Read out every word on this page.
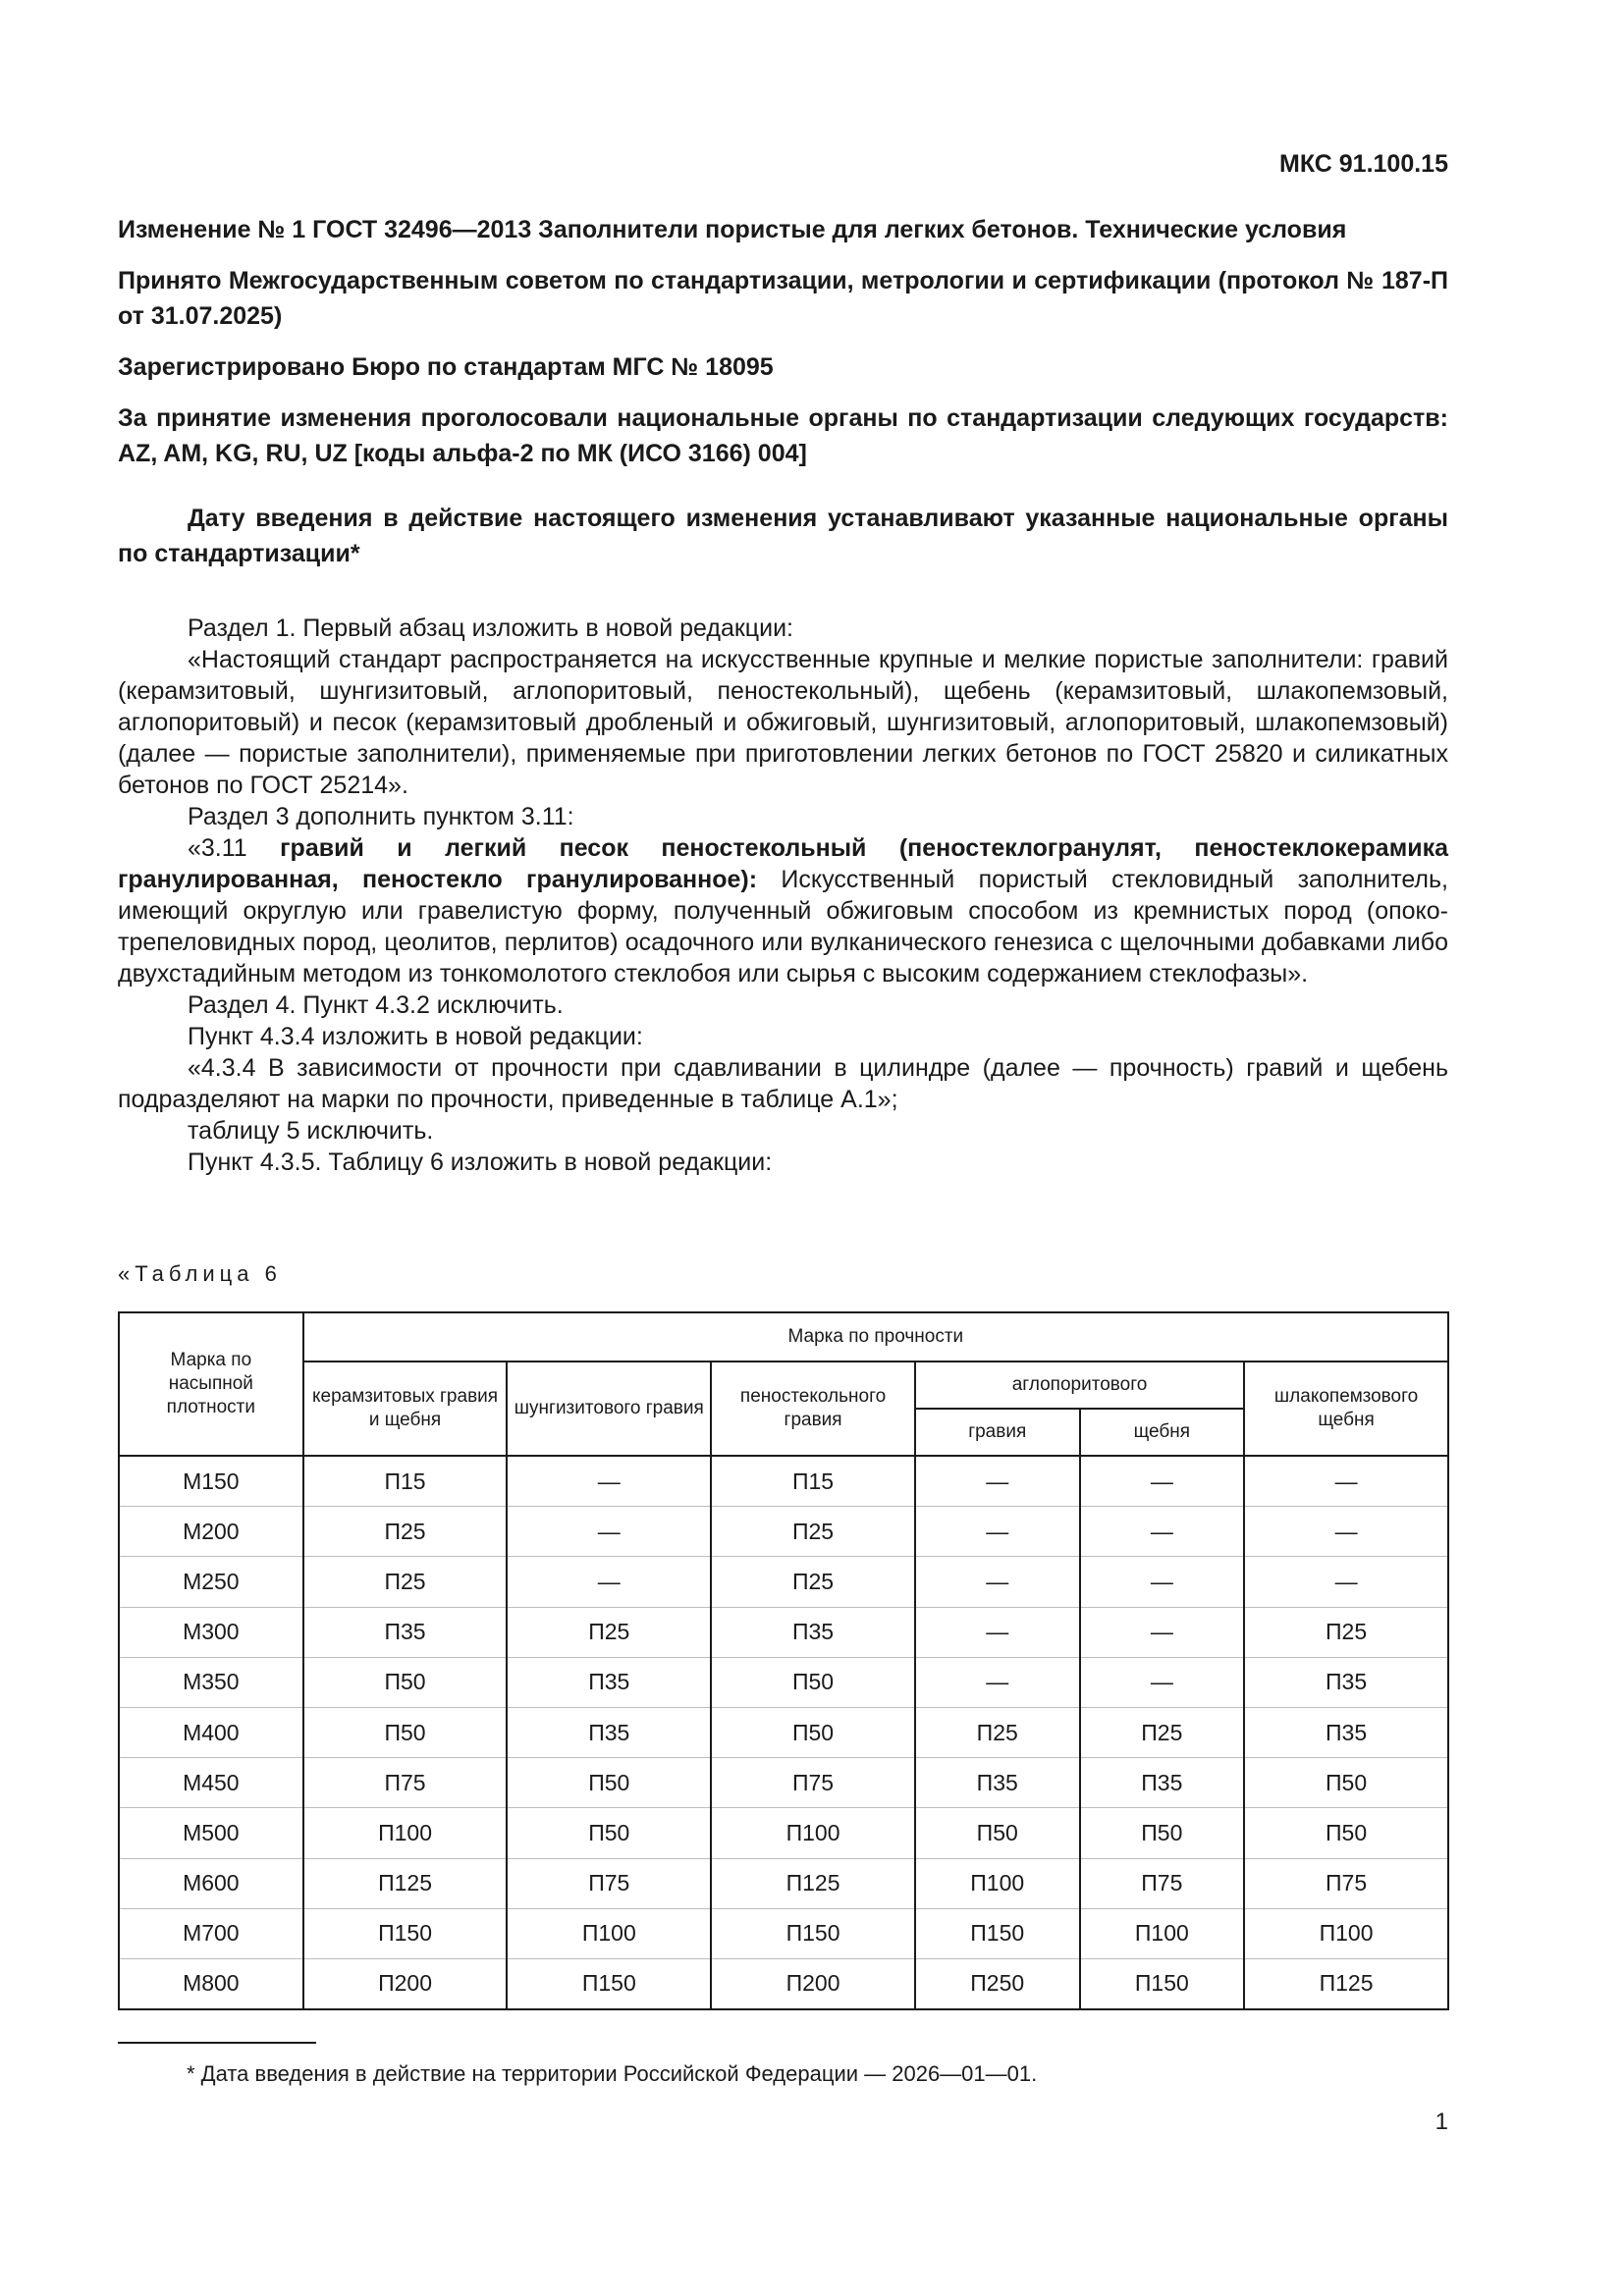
МКС 91.100.15

Изменение № 1 ГОСТ 32496—2013 Заполнители пористые для легких бетонов. Технические условия

Принято Межгосударственным советом по стандартизации, метрологии и сертификации (протокол № 187-П от 31.07.2025)

Зарегистрировано Бюро по стандартам МГС № 18095

За принятие изменения проголосовали национальные органы по стандартизации следующих государств: AZ, AM, KG, RU, UZ [коды альфа-2 по МК (ИСО 3166) 004]

Дату введения в действие настоящего изменения устанавливают указанные национальные органы по стандартизации*

Раздел 1. Первый абзац изложить в новой редакции:

«Настоящий стандарт распространяется на искусственные крупные и мелкие пористые заполнители: гравий (керамзитовый, шунгизитовый, аглопоритовый, пеностекольный), щебень (керамзитовый, шлакопемзовый, аглопоритовый) и песок (керамзитовый дробленый и обжиговый, шунгизитовый, аглопоритовый, шлакопемзовый) (далее — пористые заполнители), применяемые при приготовлении легких бетонов по ГОСТ 25820 и силикатных бетонов по ГОСТ 25214».

Раздел 3 дополнить пунктом 3.11:

«3.11 гравий и легкий песок пеностекольный (пеностеклогранулят, пеностеклокерамика гранулированная, пеностекло гранулированное): Искусственный пористый стекловидный заполнитель, имеющий округлую или гравелистую форму, полученный обжиговым способом из кремнистых пород (опоко-трепеловидных пород, цеолитов, перлитов) осадочного или вулканического генезиса с щелочными добавками либо двухстадийным методом из тонкомолотого стеклобоя или сырья с высоким содержанием стеклофазы».

Раздел 4. Пункт 4.3.2 исключить.

Пункт 4.3.4 изложить в новой редакции:

«4.3.4 В зависимости от прочности при сдавливании в цилиндре (далее — прочность) гравий и щебень подразделяют на марки по прочности, приведенные в таблице А.1»;

таблицу 5 исключить.

Пункт 4.3.5. Таблицу 6 изложить в новой редакции:

«Таблица 6
Марка по насыпной плотности	Марка по прочности					
	керамзитовых гравия и щебня	шунгизитового гравия	пеностекольного гравия	аглопоритового		шлакопемзового щебня
				гравия	щебня	
М150	П15	—	П15	—	—	—
М200	П25	—	П25	—	—	—
М250	П25	—	П25	—	—	—
М300	П35	П25	П35	—	—	П25
М350	П50	П35	П50	—	—	П35
М400	П50	П35	П50	П25	П25	П35
М450	П75	П50	П75	П35	П35	П50
М500	П100	П50	П100	П50	П50	П50
М600	П125	П75	П125	П100	П75	П75
М700	П150	П100	П150	П150	П100	П100
М800	П200	П150	П200	П250	П150	П125
* Дата введения в действие на территории Российской Федерации — 2026—01—01.
1
